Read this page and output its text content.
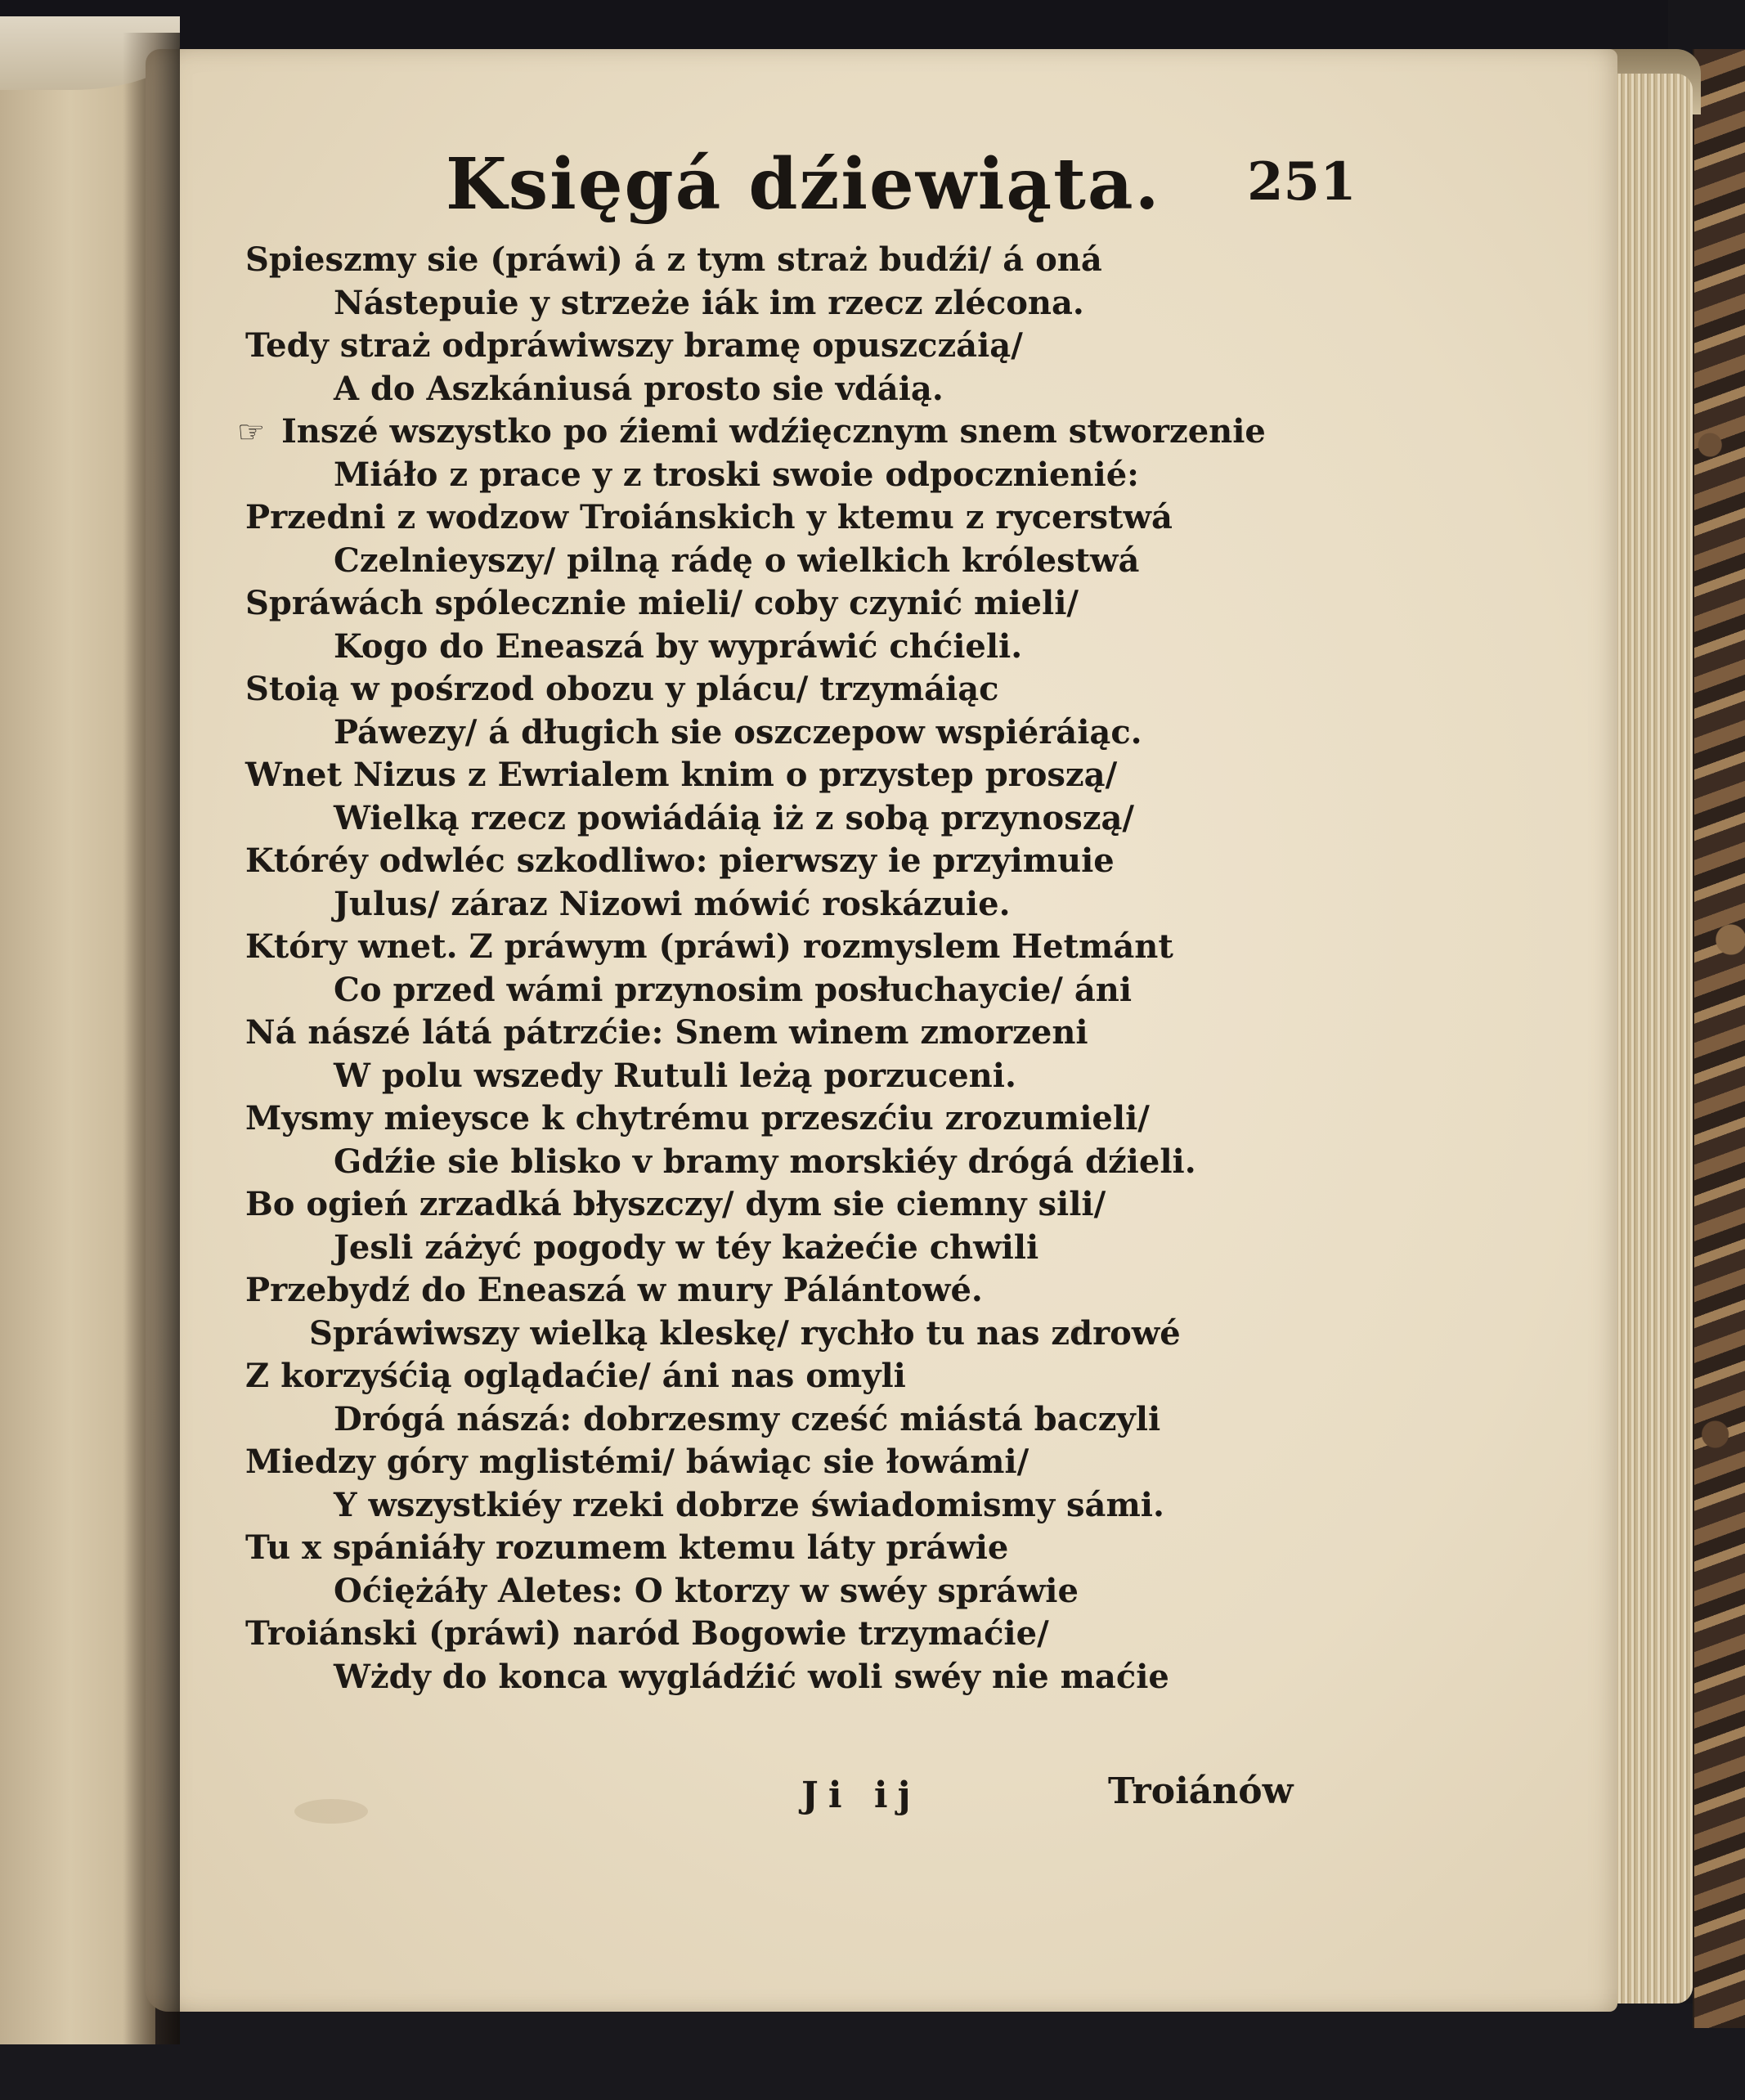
Księgá dźiewiąta. 251
Spieszmy sie (práwi) á z tym straż budźi/ á oná
Nástepuie y strzeże iák im rzecz zlécona.
Tedy straż odpráwiwszy bramę opuszczáią/
A do Aszkániusá prosto sie vdáią.
☞ Inszé wszystko po źiemi wdźięcznym snem stworzenie
Miáło z prace y z troski swoie odpocznienié:
Przedni z wodzow Troiánskich y ktemu z rycerstwá
Czelnieyszy/ pilną rádę o wielkich królestwá
Spráwách spólecznie mieli/ coby czynić mieli/
Kogo do Eneaszá by wypráwić chćieli.
Stoią w pośrzod obozu y plácu/ trzymáiąc
Páwezy/ á długich sie oszczepow wspiéráiąc.
Wnet Nizus z Ewrialem knim o przystep proszą/
Wielką rzecz powiádáią iż z sobą przynoszą/
Któréy odwléc szkodliwo: pierwszy ie przyimuie
Julus/ záraz Nizowi mówić roskázuie.
Który wnet. Z práwym (práwi) rozmyslem Hetmánt
Co przed wámi przynosim posłuchaycie/ áni
Ná nászé látá pátrzćie: Snem winem zmorzeni
W polu wszedy Rutuli leżą porzuceni.
Mysmy mieysce k chytrému przeszćiu zrozumieli/
Gdźie sie blisko v bramy morskiéy drógá dźieli.
Bo ogień zrzadká błyszczy/ dym sie ciemny sili/
Jesli záżyć pogody w téy każećie chwili
Przebydź do Eneaszá w mury Pálántowé.
Spráwiwszy wielką kleskę/ rychło tu nas zdrowé
Z korzyśćią oglądaćie/ áni nas omyli
Drógá nászá: dobrzesmy cześć miástá baczyli
Miedzy góry mglistémi/ báwiąc sie łowámi/
Y wszystkiéy rzeki dobrze świadomismy sámi.
Tu x spániáły rozumem ktemu láty práwie
Oćiężáły Aletes: O ktorzy w swéy spráwie
Troiánski (práwi) naród Bogowie trzymaćie/
Wżdy do konca wygládźić woli swéy nie maćie
Ji ij	Troiánów
